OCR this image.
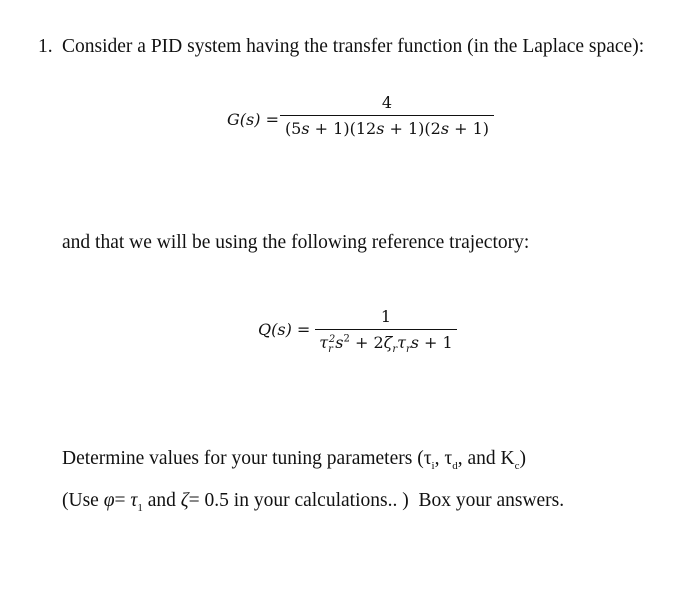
1. Consider a PID system having the transfer function (in the Laplace space):
$G(s) = \frac{4}{(5s + 1)(12s + 1)(2s + 1)}$
and that we will be using the following reference trajectory:
Q(s) =
1
$\tau_r^2s^2 + 2\zeta_r\tau_rs + 1$
Determine values for your tuning parameters ($\tau_i$, $\tau_d$, and $K_c$)
(Use $\varphi= \tau_1$ and ζ= 0.5 in your calculations.. )  Box your answers.
